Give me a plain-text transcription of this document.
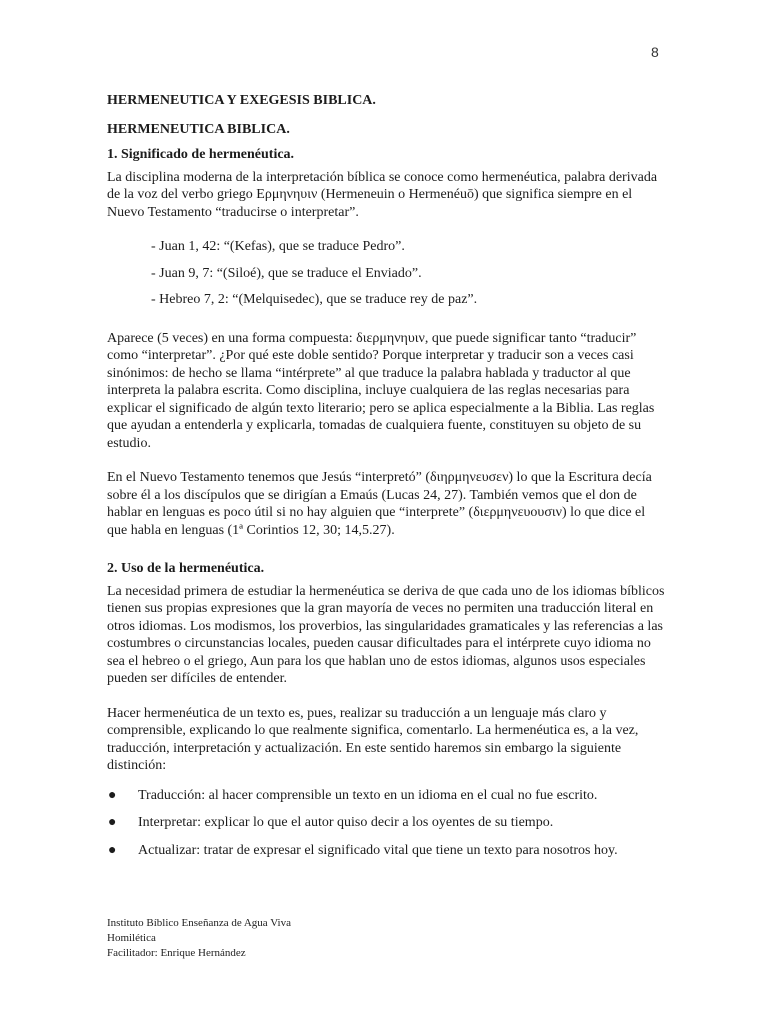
8
HERMENEUTICA Y EXEGESIS BIBLICA.
HERMENEUTICA BIBLICA.
1. Significado de hermenéutica.

La disciplina moderna de la interpretación bíblica se conoce como hermenéutica, palabra derivada de la voz del verbo griego Ερμηνηυιν (Hermeneuin o Hermenéuō) que significa siempre en el Nuevo Testamento “traducirse o interpretar”.

- Juan 1, 42: “(Kefas), que se traduce Pedro”.
- Juan 9, 7: “(Siloé), que se traduce el Enviado”.
- Hebreo 7, 2: “(Melquisedec), que se traduce rey de paz”.

Aparece (5 veces) en una forma compuesta: διερμηνηυιν, que puede significar tanto “traducir” como “interpretar”. ¿Por qué este doble sentido? Porque interpretar y traducir son a veces casi sinónimos: de hecho se llama “intérprete” al que traduce la palabra hablada y traductor al que interpreta la palabra escrita. Como disciplina, incluye cualquiera de las reglas necesarias para explicar el significado de algún texto literario; pero se aplica especialmente a la Biblia. Las reglas que ayudan a entenderla y explicarla, tomadas de cualquiera fuente, constituyen su objeto de su estudio.

En el Nuevo Testamento tenemos que Jesús “interpretó” (διηρμηνευσεν) lo que la Escritura decía sobre él a los discípulos que se dirigían a Emaús (Lucas 24, 27). También vemos que el don de hablar en lenguas es poco útil si no hay alguien que “interprete” (διερμηνευουσιν) lo que dice el que habla en lenguas (1ª Corintios 12, 30; 14,5.27).

2. Uso de la hermenéutica.

La necesidad primera de estudiar la hermenéutica se deriva de que cada uno de los idiomas bíblicos tienen sus propias expresiones que la gran mayoría de veces no permiten una traducción literal en otros idiomas. Los modismos, los proverbios, las singularidades gramaticales y las referencias a las costumbres o circunstancias locales, pueden causar dificultades para el intérprete cuyo idioma no sea el hebreo o el griego, Aun para los que hablan uno de estos idiomas, algunos usos especiales pueden ser difíciles de entender.

Hacer hermenéutica de un texto es, pues, realizar su traducción a un lenguaje más claro y comprensible, explicando lo que realmente significa, comentarlo. La hermenéutica es, a la vez, traducción, interpretación y actualización. En este sentido haremos sin embargo la siguiente distinción:

● Traducción: al hacer comprensible un texto en un idioma en el cual no fue escrito.
● Interpretar: explicar lo que el autor quiso decir a los oyentes de su tiempo.
● Actualizar: tratar de expresar el significado vital que tiene un texto para nosotros hoy.
Instituto Bíblico Enseñanza de Agua Viva
Homilética
Facilitador: Enrique Hernández
